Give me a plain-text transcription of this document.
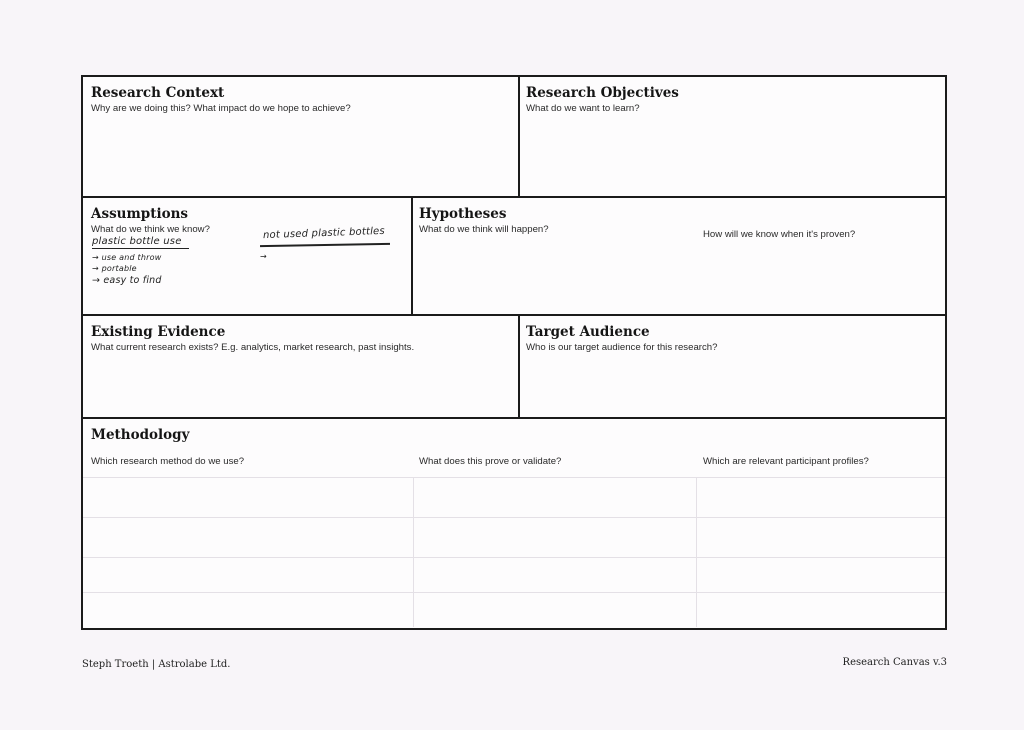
Research Context
Why are we doing this? What impact do we hope to achieve?
Research Objectives
What do we want to learn?
Assumptions
What do we think we know?
plastic bottle use
→ use and throw
→ portable
→ easy to find
not used plastic bottles
→
Hypotheses
What do we think will happen?	How will we know when it's proven?
Existing Evidence
What current research exists? E.g. analytics, market research, past insights.
Target Audience
Who is our target audience for this research?
Methodology
Which research method do we use?	What does this prove or validate?	Which are relevant participant profiles?
Steph Troeth | Astrolabe Ltd.	Research Canvas v.3
